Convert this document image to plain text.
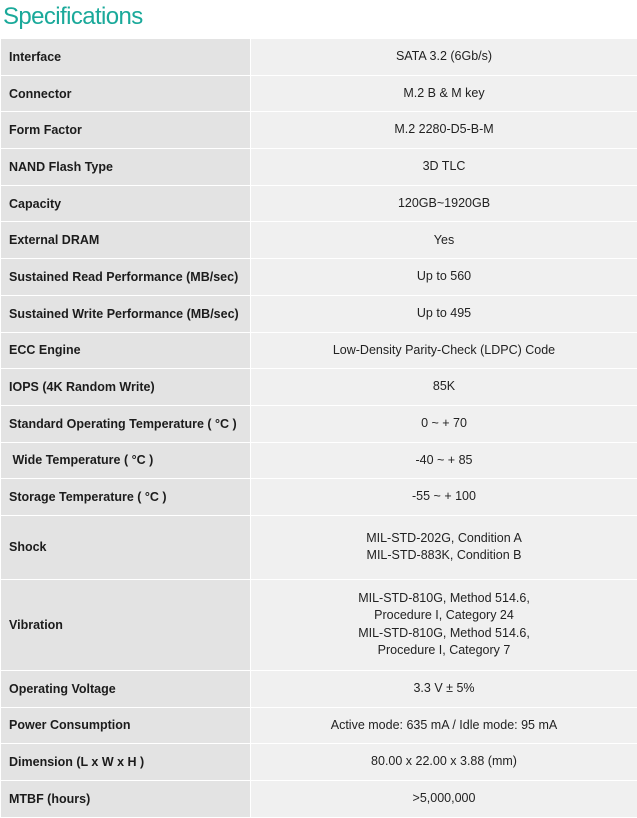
Specifications
Interface	SATA 3.2 (6Gb/s)

Connector	M.2 B & M key

Form Factor	M.2 2280-D5-B-M

NAND Flash Type	3D TLC

Capacity	120GB~1920GB

External DRAM	Yes

Sustained Read Performance (MB/sec)	Up to 560

Sustained Write Performance (MB/sec)	Up to 495

ECC Engine	Low-Density Parity-Check (LDPC) Code

IOPS (4K Random Write)	85K

Standard Operating Temperature ( °C )	0 ~ + 70

Wide Temperature ( °C )	-40 ~ + 85

Storage Temperature ( °C )	-55 ~ + 100

Shock	MIL-STD-202G, Condition A
MIL-STD-883K, Condition B

Vibration	MIL-STD-810G, Method 514.6,
Procedure I, Category 24
MIL-STD-810G, Method 514.6,
Procedure I, Category 7

Operating Voltage	3.3 V ± 5%

Power Consumption	Active mode: 635 mA / Idle mode: 95 mA

Dimension (L x W x H )	80.00 x 22.00 x 3.88 (mm)

MTBF (hours)	>5,000,000
